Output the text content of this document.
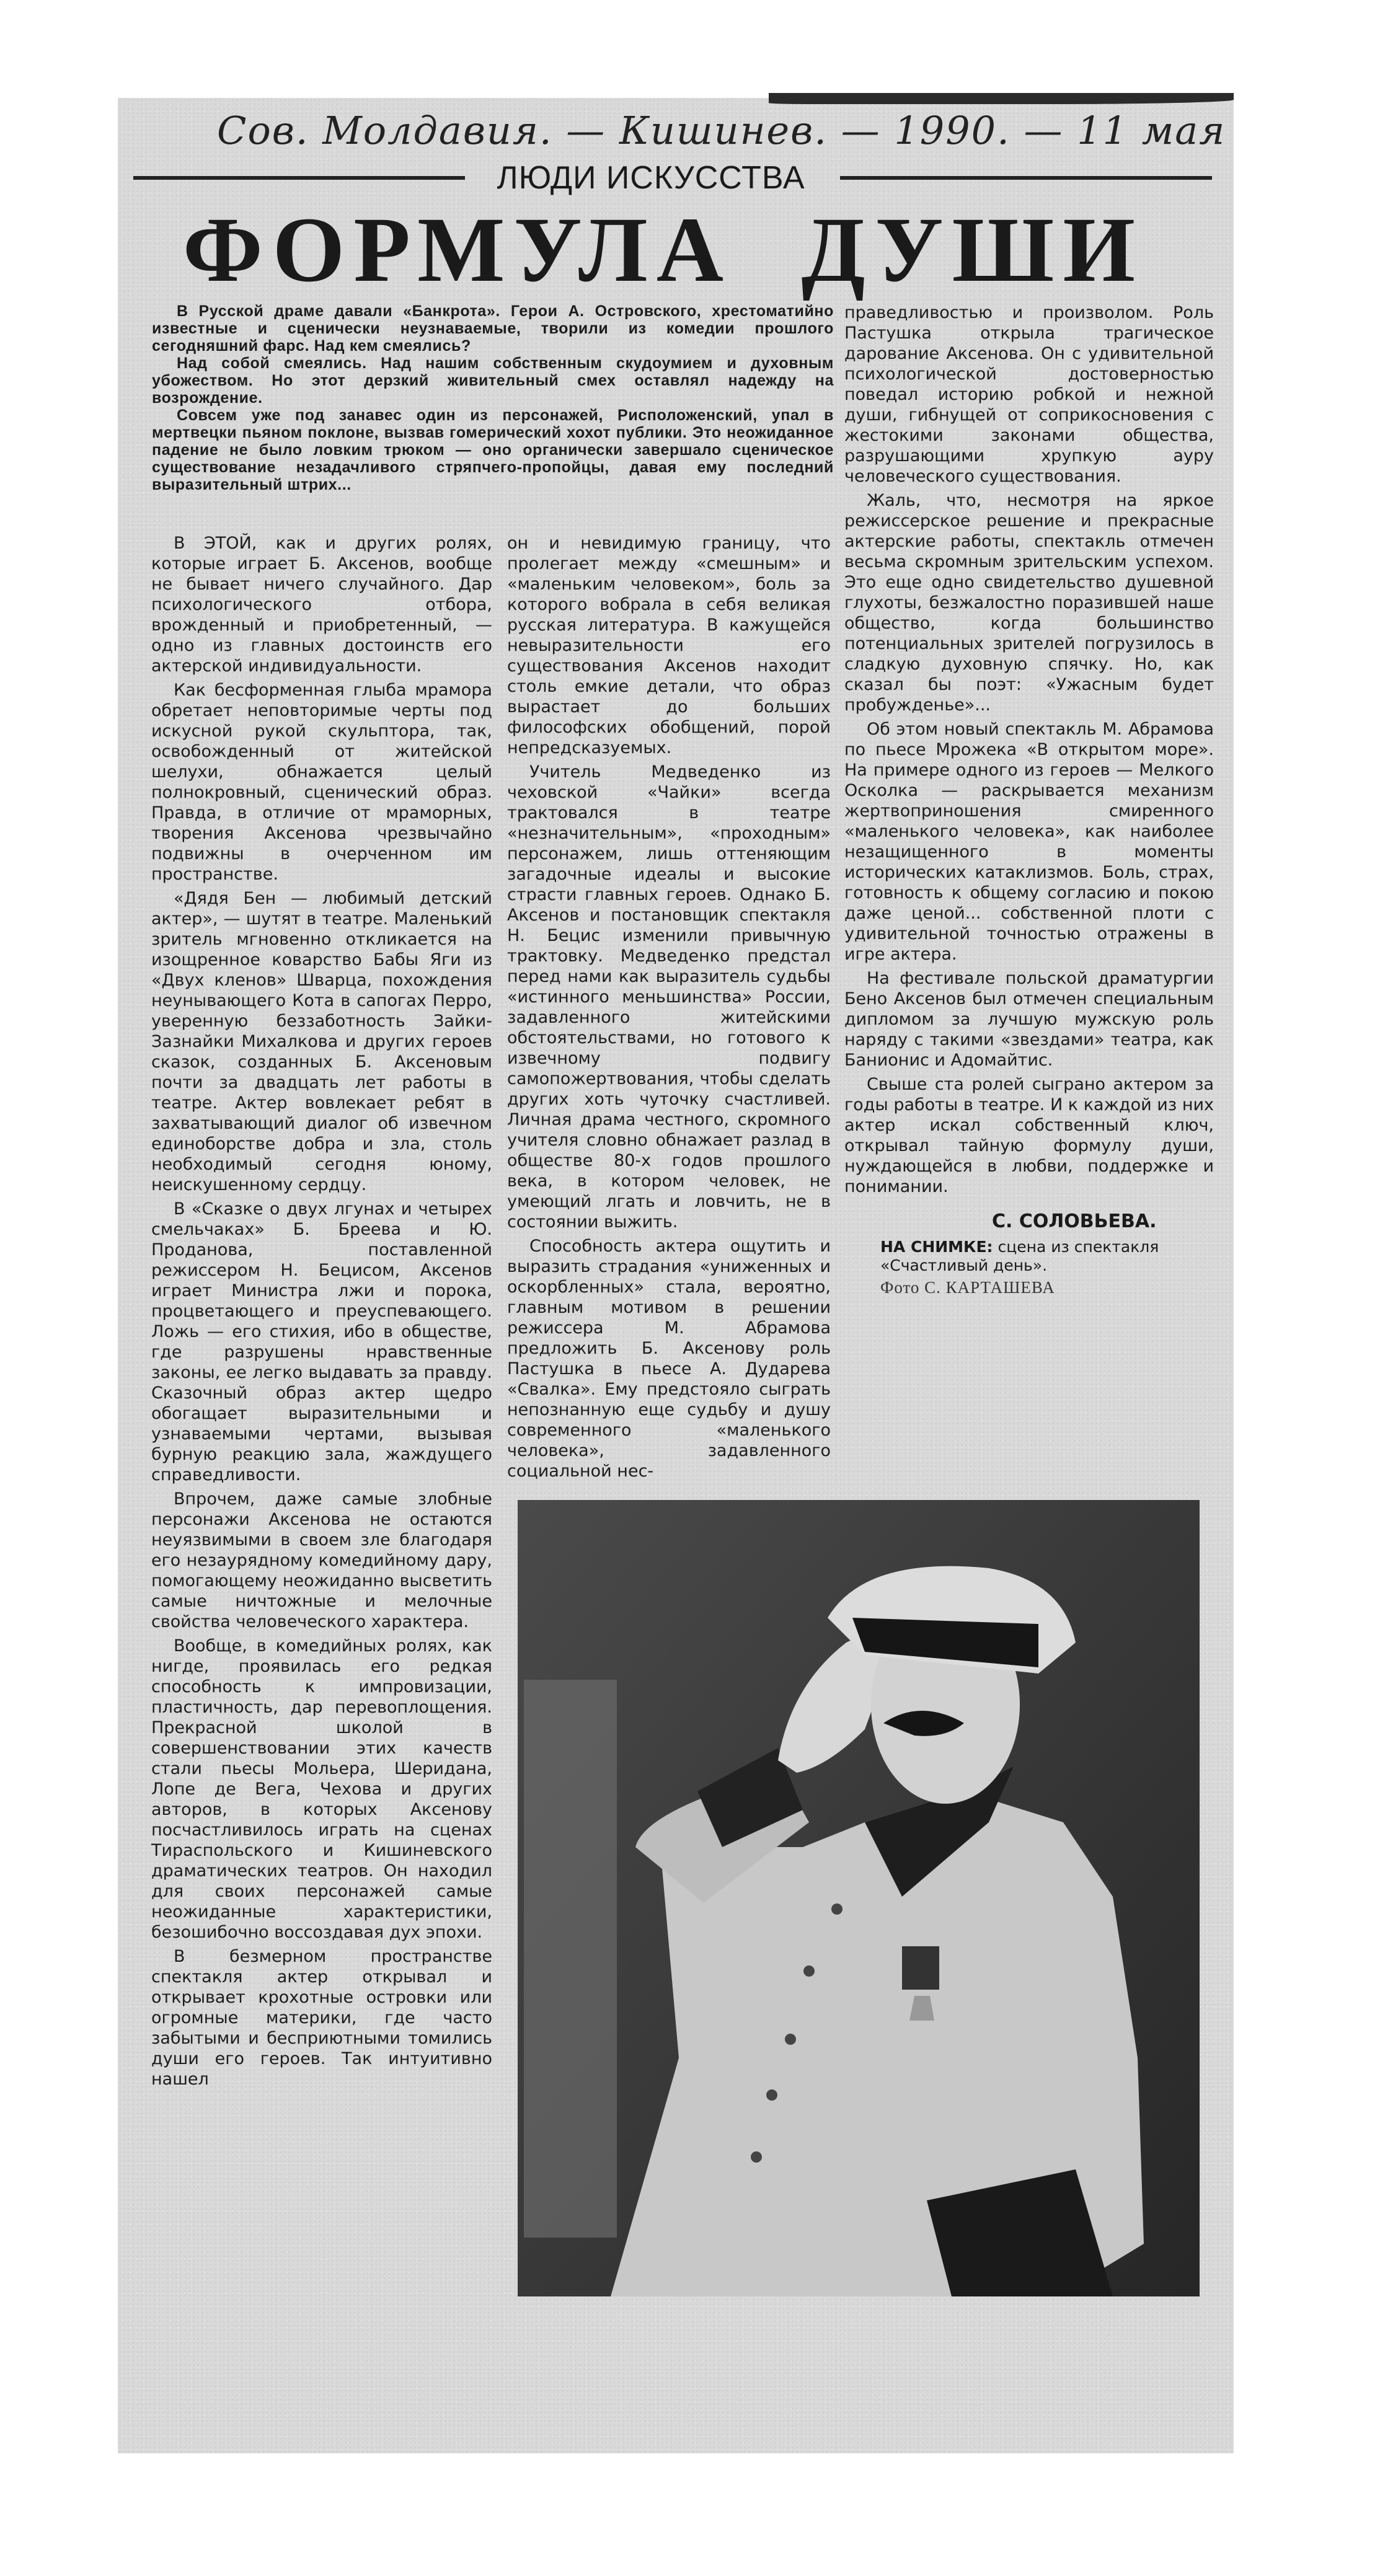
Сов. Молдавия. — Кишинев. — 1990. — 11 мая
ЛЮДИ ИСКУССТВА
ФОРМУЛА ДУШИ

В Русской драме давали «Банкрота». Герои А. Островского, хрестоматийно известные и сценически неузнаваемые, творили из комедии прошлого сегодняшний фарс. Над кем смеялись?

Над собой смеялись. Над нашим собственным скудоумием и духовным убожеством. Но этот дерзкий живительный смех оставлял надежду на возрождение.

Совсем уже под занавес один из персонажей, Рисположенский, упал в мертвецки пьяном поклоне, вызвав гомерический хохот публики. Это неожиданное падение не было ловким трюком — оно органически завершало сценическое существование незадачливого стряпчего-пропойцы, давая ему последний выразительный штрих...

В ЭТОЙ, как и других ролях, которые играет Б. Аксенов, вообще не бывает ничего случайного. Дар психологического отбора, врожденный и приобретенный, — одно из главных достоинств его актерской индивидуальности.

Как бесформенная глыба мрамора обретает неповторимые черты под искусной рукой скульптора, так, освобожденный от житейской шелухи, обнажается целый полнокровный, сценический образ. Правда, в отличие от мраморных, творения Аксенова чрезвычайно подвижны в очерченном им пространстве.

«Дядя Бен — любимый детский актер», — шутят в театре. Маленький зритель мгновенно откликается на изощренное коварство Бабы Яги из «Двух кленов» Шварца, похождения неунывающего Кота в сапогах Перро, уверенную беззаботность Зайки-Зазнайки Михалкова и других героев сказок, созданных Б. Аксеновым почти за двадцать лет работы в театре. Актер вовлекает ребят в захватывающий диалог об извечном единоборстве добра и зла, столь необходимый сегодня юному, неискушенному сердцу.

В «Сказке о двух лгунах и четырех смельчаках» Б. Бреева и Ю. Проданова, поставленной режиссером Н. Бецисом, Аксенов играет Министра лжи и порока, процветающего и преуспевающего. Ложь — его стихия, ибо в обществе, где разрушены нравственные законы, ее легко выдавать за правду. Сказочный образ актер щедро обогащает выразительными и узнаваемыми чертами, вызывая бурную реакцию зала, жаждущего справедливости.

Впрочем, даже самые злобные персонажи Аксенова не остаются неуязвимыми в своем зле благодаря его незаурядному комедийному дару, помогающему неожиданно высветить самые ничтожные и мелочные свойства человеческого характера.

Вообще, в комедийных ролях, как нигде, проявилась его редкая способность к импровизации, пластичность, дар перевоплощения. Прекрасной школой в совершенствовании этих качеств стали пьесы Мольера, Шеридана, Лопе де Вега, Чехова и других авторов, в которых Аксенову посчастливилось играть на сценах Тираспольского и Кишиневского драматических театров. Он находил для своих персонажей самые неожиданные характеристики, безошибочно воссоздавая дух эпохи.

В безмерном пространстве спектакля актер открывал и открывает крохотные островки или огромные материки, где часто забытыми и бесприютными томились души его героев. Так интуитивно нашел

он и невидимую границу, что пролегает между «смешным» и «маленьким человеком», боль за которого вобрала в себя великая русская литература. В кажущейся невыразительности его существования Аксенов находит столь емкие детали, что образ вырастает до больших философских обобщений, порой непредсказуемых.

Учитель Медведенко из чеховской «Чайки» всегда трактовался в театре «незначительным», «проходным» персонажем, лишь оттеняющим загадочные идеалы и высокие страсти главных героев. Однако Б. Аксенов и постановщик спектакля Н. Бецис изменили привычную трактовку. Медведенко предстал перед нами как выразитель судьбы «истинного меньшинства» России, задавленного житейскими обстоятельствами, но готового к извечному подвигу самопожертвования, чтобы сделать других хоть чуточку счастливей. Личная драма честного, скромного учителя словно обнажает разлад в обществе 80-х годов прошлого века, в котором человек, не умеющий лгать и ловчить, не в состоянии выжить.

Способность актера ощутить и выразить страдания «униженных и оскорбленных» стала, вероятно, главным мотивом в решении режиссера М. Абрамова предложить Б. Аксенову роль Пастушка в пьесе А. Дударева «Свалка». Ему предстояло сыграть непознанную еще судьбу и душу современного «маленького человека», задавленного социальной нес-

праведливостью и произволом. Роль Пастушка открыла трагическое дарование Аксенова. Он с удивительной психологической достоверностью поведал историю робкой и нежной души, гибнущей от соприкосновения с жестокими законами общества, разрушающими хрупкую ауру человеческого существования.

Жаль, что, несмотря на яркое режиссерское решение и прекрасные актерские работы, спектакль отмечен весьма скромным зрительским успехом. Это еще одно свидетельство душевной глухоты, безжалостно поразившей наше общество, когда большинство потенциальных зрителей погрузилось в сладкую духовную спячку. Но, как сказал бы поэт: «Ужасным будет пробужденье»...

Об этом новый спектакль М. Абрамова по пьесе Мрожека «В открытом море». На примере одного из героев — Мелкого Осколка — раскрывается механизм жертвоприношения смиренного «маленького человека», как наиболее незащищенного в моменты исторических катаклизмов. Боль, страх, готовность к общему согласию и покою даже ценой... собственной плоти с удивительной точностью отражены в игре актера.

На фестивале польской драматургии Бено Аксенов был отмечен специальным дипломом за лучшую мужскую роль наряду с такими «звездами» театра, как Банионис и Адомайтис.

Свыше ста ролей сыграно актером за годы работы в театре. И к каждой из них актер искал собственный ключ, открывал тайную формулу души, нуждающейся в любви, поддержке и понимании.

С. СОЛОВЬЕВА.
НА СНИМКЕ: сцена из спектакля «Счастливый день».
Фото С. КАРТАШЕВА
